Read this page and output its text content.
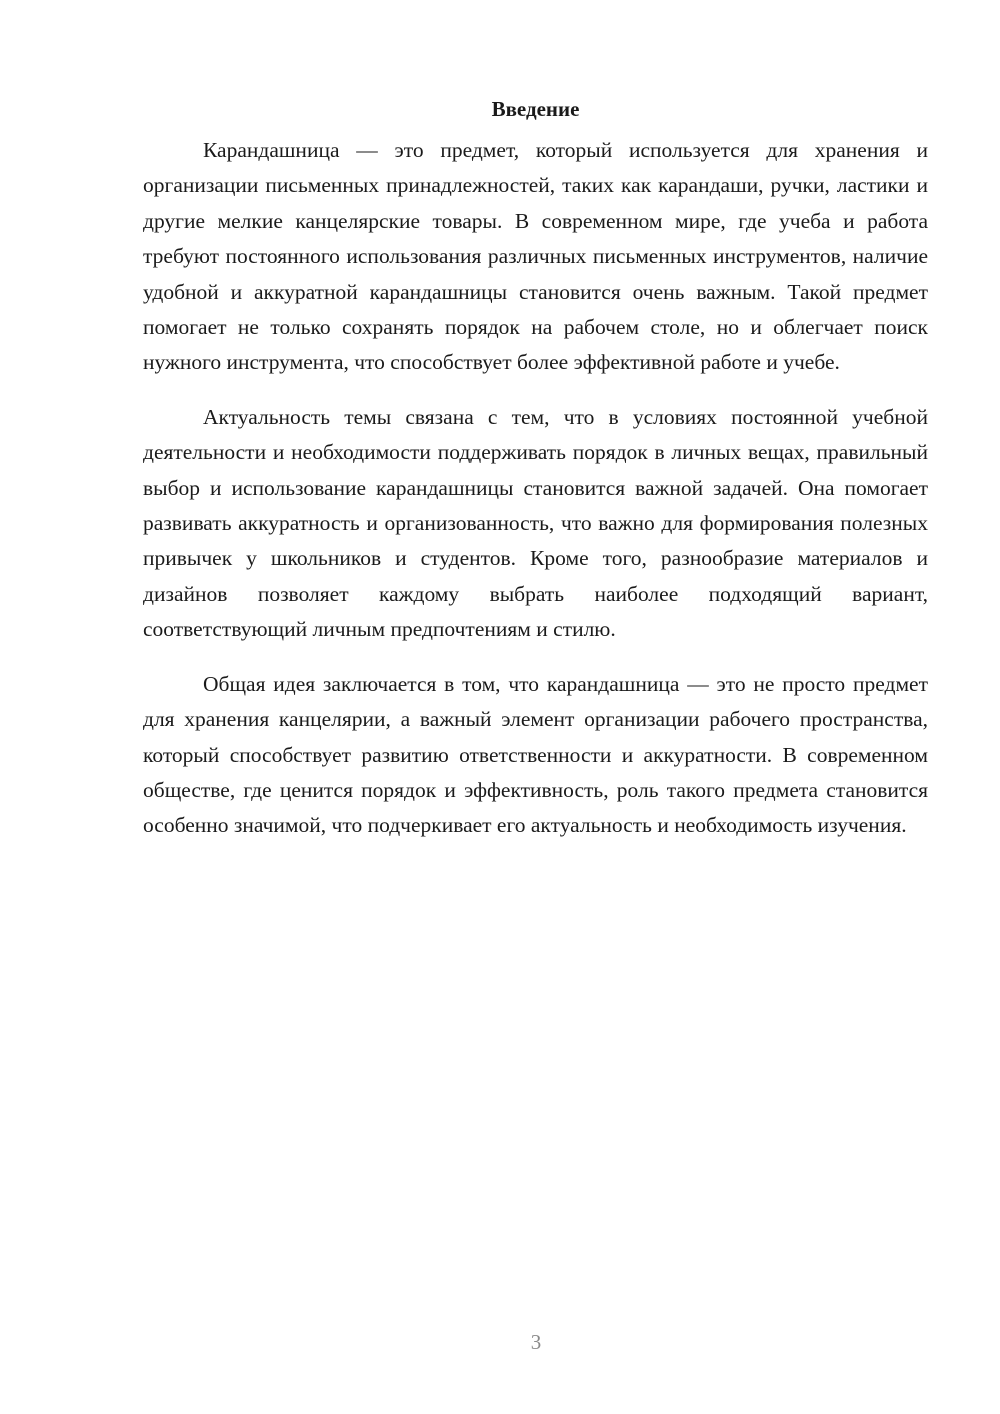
Введение

Карандашница — это предмет, который используется для хранения и организации письменных принадлежностей, таких как карандаши, ручки, ластики и другие мелкие канцелярские товары. В современном мире, где учеба и работа требуют постоянного использования различных письменных инструментов, наличие удобной и аккуратной карандашницы становится очень важным. Такой предмет помогает не только сохранять порядок на рабочем столе, но и облегчает поиск нужного инструмента, что способствует более эффективной работе и учебе.

Актуальность темы связана с тем, что в условиях постоянной учебной деятельности и необходимости поддерживать порядок в личных вещах, правильный выбор и использование карандашницы становится важной задачей. Она помогает развивать аккуратность и организованность, что важно для формирования полезных привычек у школьников и студентов. Кроме того, разнообразие материалов и дизайнов позволяет каждому выбрать наиболее подходящий вариант, соответствующий личным предпочтениям и стилю.

Общая идея заключается в том, что карандашница — это не просто предмет для хранения канцелярии, а важный элемент организации рабочего пространства, который способствует развитию ответственности и аккуратности. В современном обществе, где ценится порядок и эффективность, роль такого предмета становится особенно значимой, что подчеркивает его актуальность и необходимость изучения.

3
